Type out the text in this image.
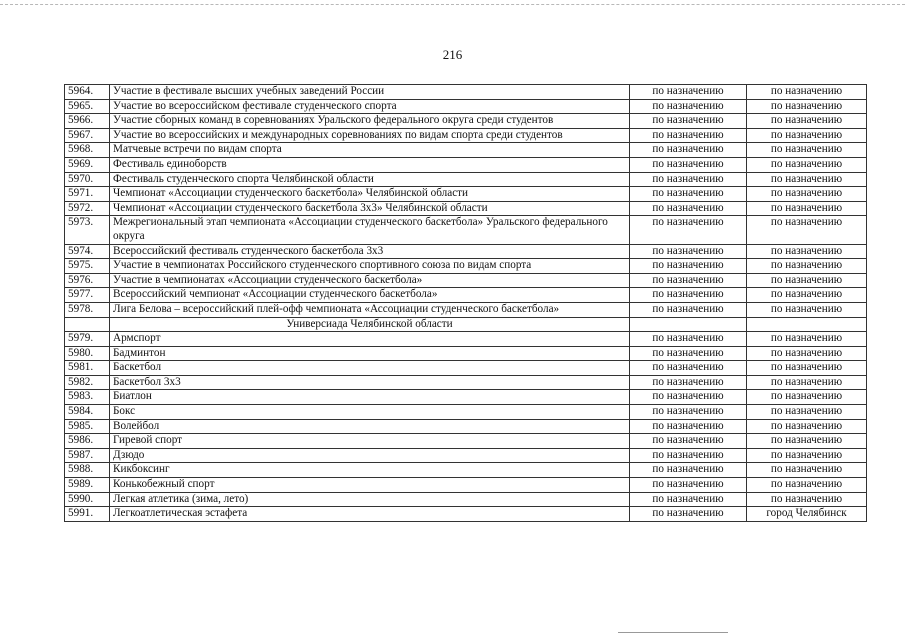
216
5964.	Участие в фестивале высших учебных заведений России	по назначению	по назначению
5965.	Участие во всероссийском фестивале студенческого спорта	по назначению	по назначению
5966.	Участие сборных команд в соревнованиях Уральского федерального округа среди студентов	по назначению	по назначению
5967.	Участие во всероссийских и международных соревнованиях по видам спорта среди студентов	по назначению	по назначению
5968.	Матчевые встречи по видам спорта	по назначению	по назначению
5969.	Фестиваль единоборств	по назначению	по назначению
5970.	Фестиваль студенческого спорта Челябинской области	по назначению	по назначению
5971.	Чемпионат «Ассоциации студенческого баскетбола» Челябинской области	по назначению	по назначению
5972.	Чемпионат «Ассоциации студенческого баскетбола 3х3» Челябинской области	по назначению	по назначению
5973.	Межрегиональный этап чемпионата «Ассоциации студенческого баскетбола» Уральского федерального округа	по назначению	по назначению
5974.	Всероссийский фестиваль студенческого баскетбола 3х3	по назначению	по назначению
5975.	Участие в чемпионатах Российского студенческого спортивного союза по видам спорта	по назначению	по назначению
5976.	Участие в чемпионатах «Ассоциации студенческого баскетбола»	по назначению	по назначению
5977.	Всероссийский чемпионат «Ассоциации студенческого баскетбола»	по назначению	по назначению
5978.	Лига Белова – всероссийский плей-офф чемпионата «Ассоциации студенческого баскетбола»	по назначению	по назначению
	Универсиада Челябинской области		
5979.	Армспорт	по назначению	по назначению
5980.	Бадминтон	по назначению	по назначению
5981.	Баскетбол	по назначению	по назначению
5982.	Баскетбол 3х3	по назначению	по назначению
5983.	Биатлон	по назначению	по назначению
5984.	Бокс	по назначению	по назначению
5985.	Волейбол	по назначению	по назначению
5986.	Гиревой спорт	по назначению	по назначению
5987.	Дзюдо	по назначению	по назначению
5988.	Кикбоксинг	по назначению	по назначению
5989.	Конькобежный спорт	по назначению	по назначению
5990.	Легкая атлетика (зима, лето)	по назначению	по назначению
5991.	Легкоатлетическая эстафета	по назначению	город Челябинск
